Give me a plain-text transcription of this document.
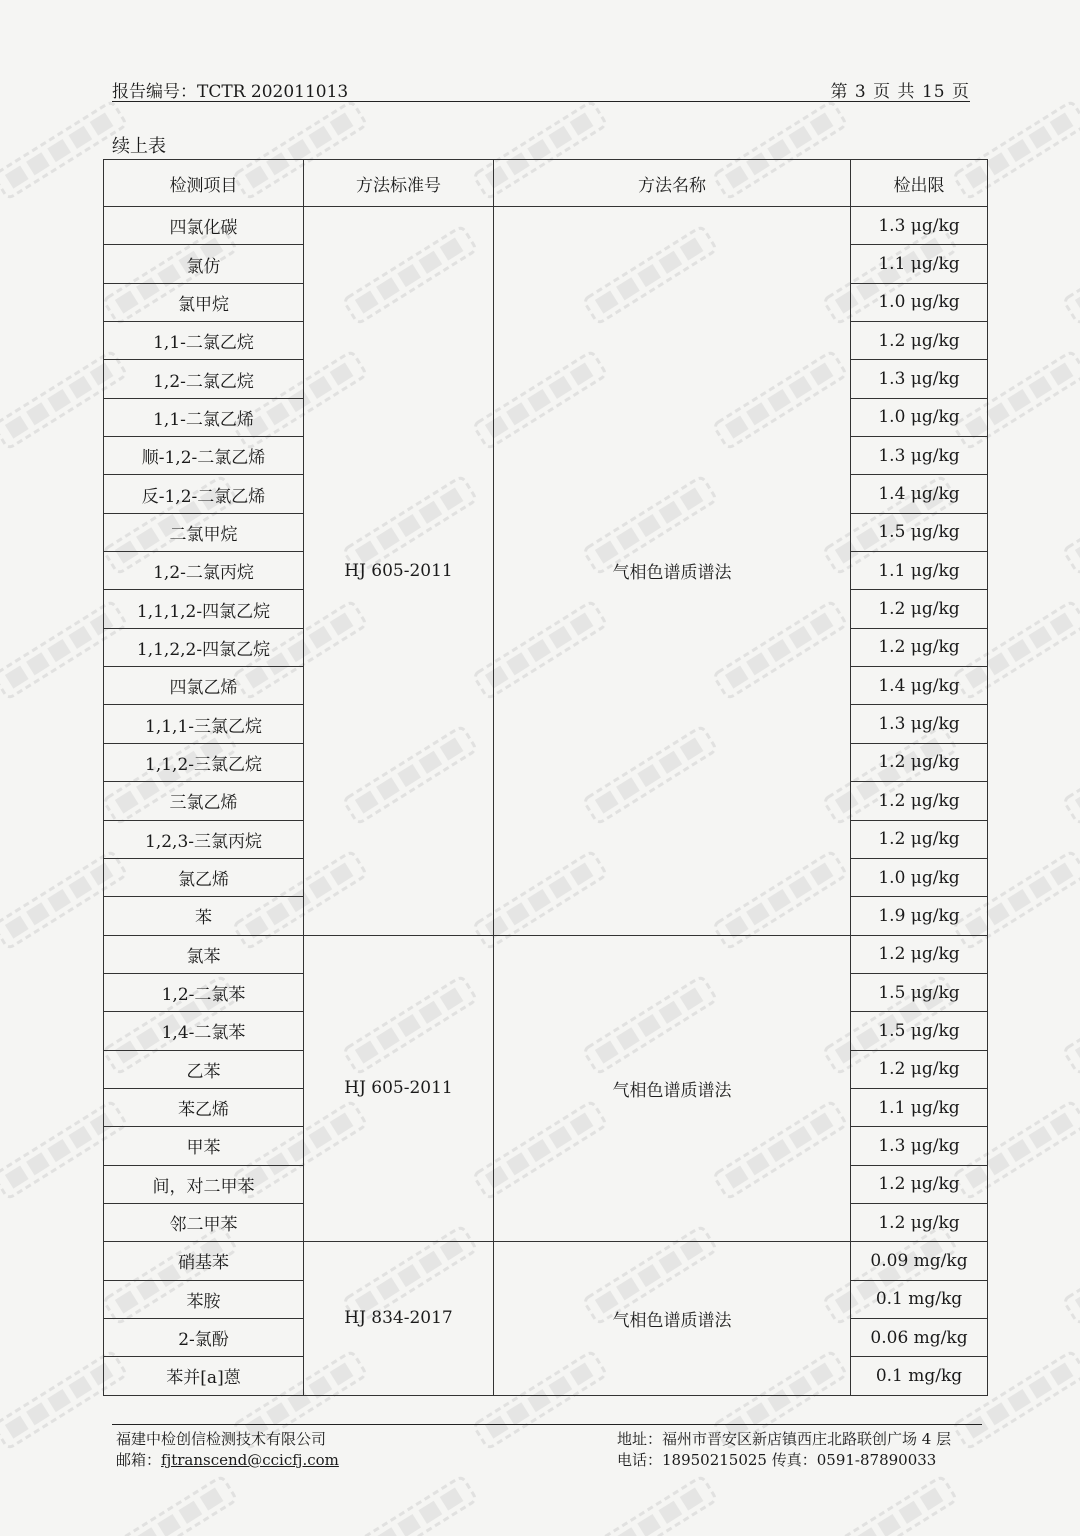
报告编号：TCTR 202011013	第 3 页 共 15 页
续上表
检测项目	方法标准号	方法名称	检出限
四氯化碳	HJ 605-2011	气相色谱质谱法	1.3 μg/kg
氯仿			1.1 μg/kg
氯甲烷			1.0 μg/kg
1,1-二氯乙烷			1.2 μg/kg
1,2-二氯乙烷			1.3 μg/kg
1,1-二氯乙烯			1.0 μg/kg
顺-1,2-二氯乙烯			1.3 μg/kg
反-1,2-二氯乙烯			1.4 μg/kg
二氯甲烷			1.5 μg/kg
1,2-二氯丙烷			1.1 μg/kg
1,1,1,2-四氯乙烷			1.2 μg/kg
1,1,2,2-四氯乙烷			1.2 μg/kg
四氯乙烯			1.4 μg/kg
1,1,1-三氯乙烷			1.3 μg/kg
1,1,2-三氯乙烷			1.2 μg/kg
三氯乙烯			1.2 μg/kg
1,2,3-三氯丙烷			1.2 μg/kg
氯乙烯			1.0 μg/kg
苯			1.9 μg/kg
氯苯	HJ 605-2011	气相色谱质谱法	1.2 μg/kg
1,2-二氯苯			1.5 μg/kg
1,4-二氯苯			1.5 μg/kg
乙苯			1.2 μg/kg
苯乙烯			1.1 μg/kg
甲苯			1.3 μg/kg
间，对二甲苯			1.2 μg/kg
邻二甲苯			1.2 μg/kg
硝基苯	HJ 834-2017	气相色谱质谱法	0.09 mg/kg
苯胺			0.1 mg/kg
2-氯酚			0.06 mg/kg
苯并[a]蒽			0.1 mg/kg
福建中检创信检测技术有限公司	地址：福州市晋安区新店镇西庄北路联创广场 4 层
邮箱：fjtranscend@ccicfj.com	电话：18950215025 传真：0591-87890033
